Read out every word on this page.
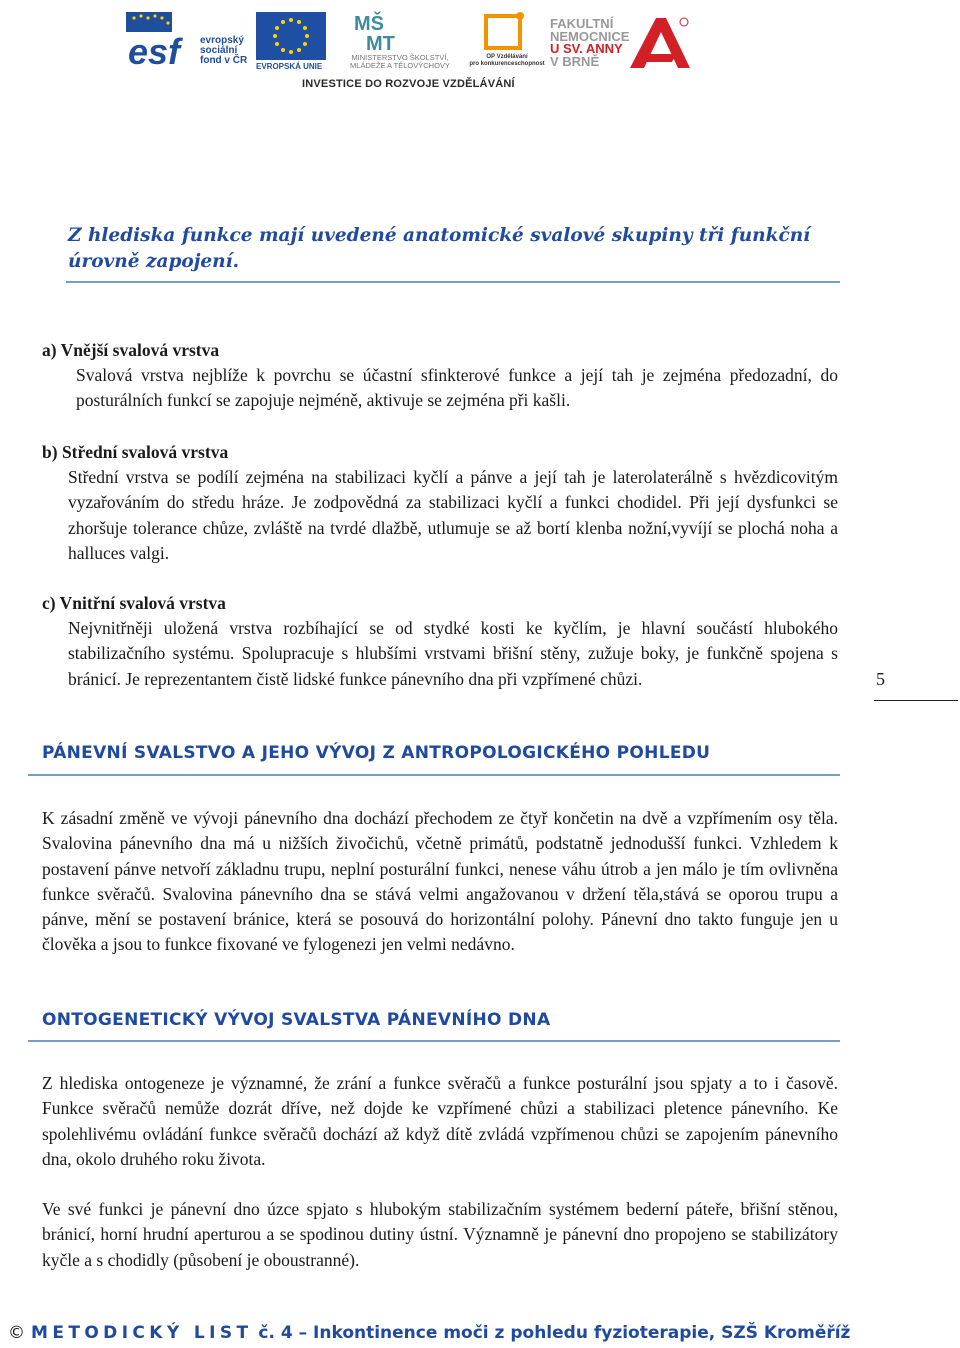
esf	evropský
sociální
fond v ČR
EVROPSKÁ UNIE
MŠ
MT
MINISTERSTVO ŠKOLSTVÍ,
MLÁDEŽE A TĚLOVÝCHOVY
OP Vzdělávání
pro konkurenceschopnost
FAKULTNÍ
NEMOCNICE
U SV. ANNY
V BRNĚ
INVESTICE DO ROZVOJE VZDĚLÁVÁNÍ
Z hlediska funkce mají uvedené anatomické svalové skupiny tři funkční úrovně zapojení.
a) Vnější svalová vrstva
Svalová vrstva nejblíže k povrchu se účastní sfinkterové funkce a její tah je zejména předozadní, do posturálních funkcí se zapojuje nejméně, aktivuje se zejména při kašli.
b) Střední svalová vrstva
Střední vrstva se podílí zejména na stabilizaci kyčlí a pánve a její tah je laterolaterálně s hvězdicovitým vyzařováním do středu hráze. Je zodpovědná za stabilizaci kyčlí a funkci chodidel. Při její dysfunkci se zhoršuje tolerance chůze, zvláště na tvrdé dlažbě, utlumuje se až bortí klenba nožní,vyvíjí se plochá noha a halluces valgi.
c) Vnitřní svalová vrstva
Nejvnitřněji uložená vrstva rozbíhající se od stydké kosti ke kyčlím, je hlavní součástí hlubokého stabilizačního systému. Spolupracuje s hlubšími vrstvami břišní stěny, zužuje boky, je funkčně spojena s bránicí. Je reprezentantem čistě lidské funkce pánevního dna při vzpřímené chůzi.	5
PÁNEVNÍ SVALSTVO A JEHO VÝVOJ Z ANTROPOLOGICKÉHO POHLEDU
K zásadní změně ve vývoji pánevního dna dochází přechodem ze čtyř končetin na dvě a vzpřímením osy těla. Svalovina pánevního dna má u nižších živočichů, včetně primátů, podstatně jednodušší funkci. Vzhledem k postavení pánve netvoří základnu trupu, neplní posturální funkci, nenese váhu útrob a jen málo je tím ovlivněna funkce svěračů. Svalovina pánevního dna se stává velmi angažovanou v držení těla,stává se oporou trupu a pánve, mění se postavení bránice, která se posouvá do horizontální polohy. Pánevní dno takto funguje jen u člověka a jsou to funkce fixované ve fylogenezi jen velmi nedávno.
ONTOGENETICKÝ VÝVOJ SVALSTVA PÁNEVNÍHO DNA
Z hlediska ontogeneze je významné, že zrání a funkce svěračů a funkce posturální jsou spjaty a to i časově. Funkce svěračů nemůže dozrát dříve, než dojde ke vzpřímené chůzi a stabilizaci pletence pánevního. Ke spolehlivému ovládání funkce svěračů dochází až když dítě zvládá vzpřímenou chůzi se zapojením pánevního dna, okolo druhého roku života.
Ve své funkci je pánevní dno úzce spjato s hlubokým stabilizačním systémem bederní páteře, břišní stěnou, bránicí, horní hrudní aperturou a se spodinou dutiny ústní. Významně je pánevní dno propojeno se stabilizátory kyčle a s chodidly (působení je oboustranné).
© METODICKÝ LIST č. 4 – Inkontinence moči z pohledu fyzioterapie, SZŠ Kroměříž
